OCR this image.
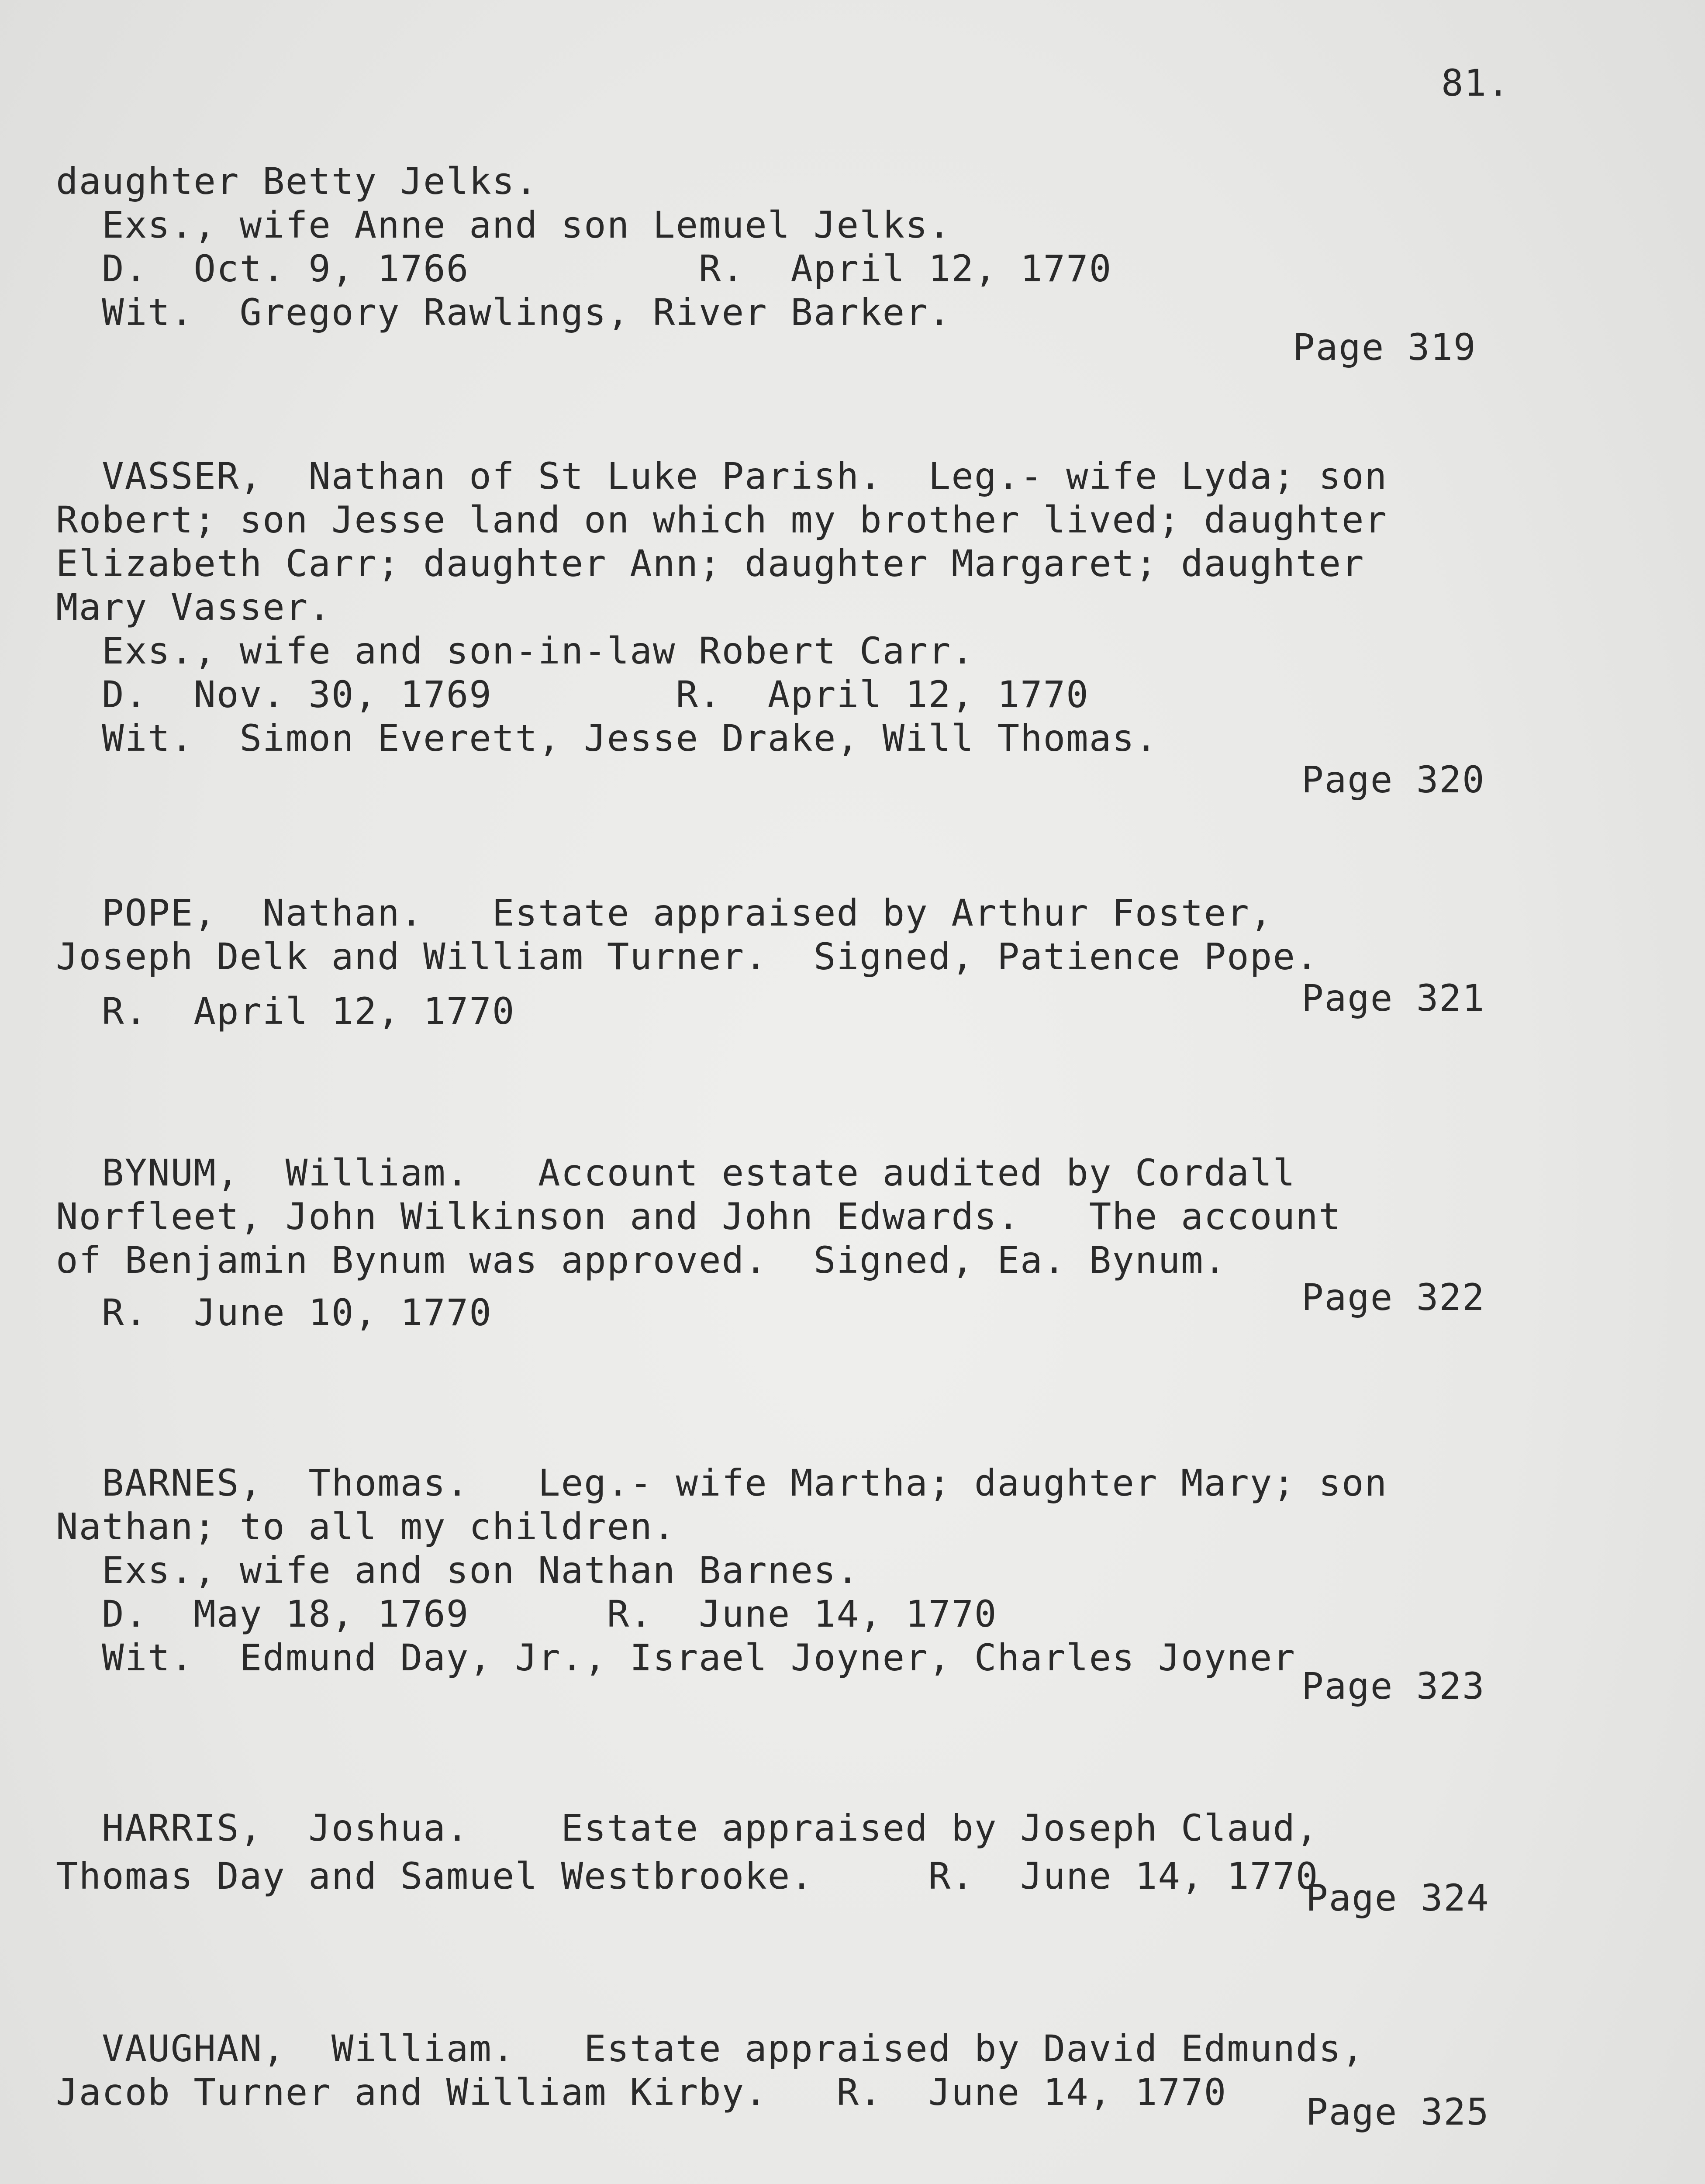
81.
daughter Betty Jelks.
Exs., wife Anne and son Lemuel Jelks.
D.  Oct. 9, 1766          R.  April 12, 1770
Wit.  Gregory Rawlings, River Barker.
Page 319
VASSER,  Nathan of St Luke Parish.  Leg.- wife Lyda; son
Robert; son Jesse land on which my brother lived; daughter
Elizabeth Carr; daughter Ann; daughter Margaret; daughter
Mary Vasser.
Exs., wife and son-in-law Robert Carr.
D.  Nov. 30, 1769        R.  April 12, 1770
Wit.  Simon Everett, Jesse Drake, Will Thomas.
Page 320
POPE,  Nathan.   Estate appraised by Arthur Foster,
Joseph Delk and William Turner.  Signed, Patience Pope.
R.  April 12, 1770	Page 321
BYNUM,  William.   Account estate audited by Cordall
Norfleet, John Wilkinson and John Edwards.   The account
of Benjamin Bynum was approved.  Signed, Ea. Bynum.
R.  June 10, 1770	Page 322
BARNES,  Thomas.   Leg.- wife Martha; daughter Mary; son
Nathan; to all my children.
Exs., wife and son Nathan Barnes.
D.  May 18, 1769      R.  June 14, 1770
Wit.  Edmund Day, Jr., Israel Joyner, Charles Joyner
Page 323
HARRIS,  Joshua.    Estate appraised by Joseph Claud,
Thomas Day and Samuel Westbrooke.     R.  June 14, 1770
Page 324
VAUGHAN,  William.   Estate appraised by David Edmunds,
Jacob Turner and William Kirby.   R.  June 14, 1770 Page 325
